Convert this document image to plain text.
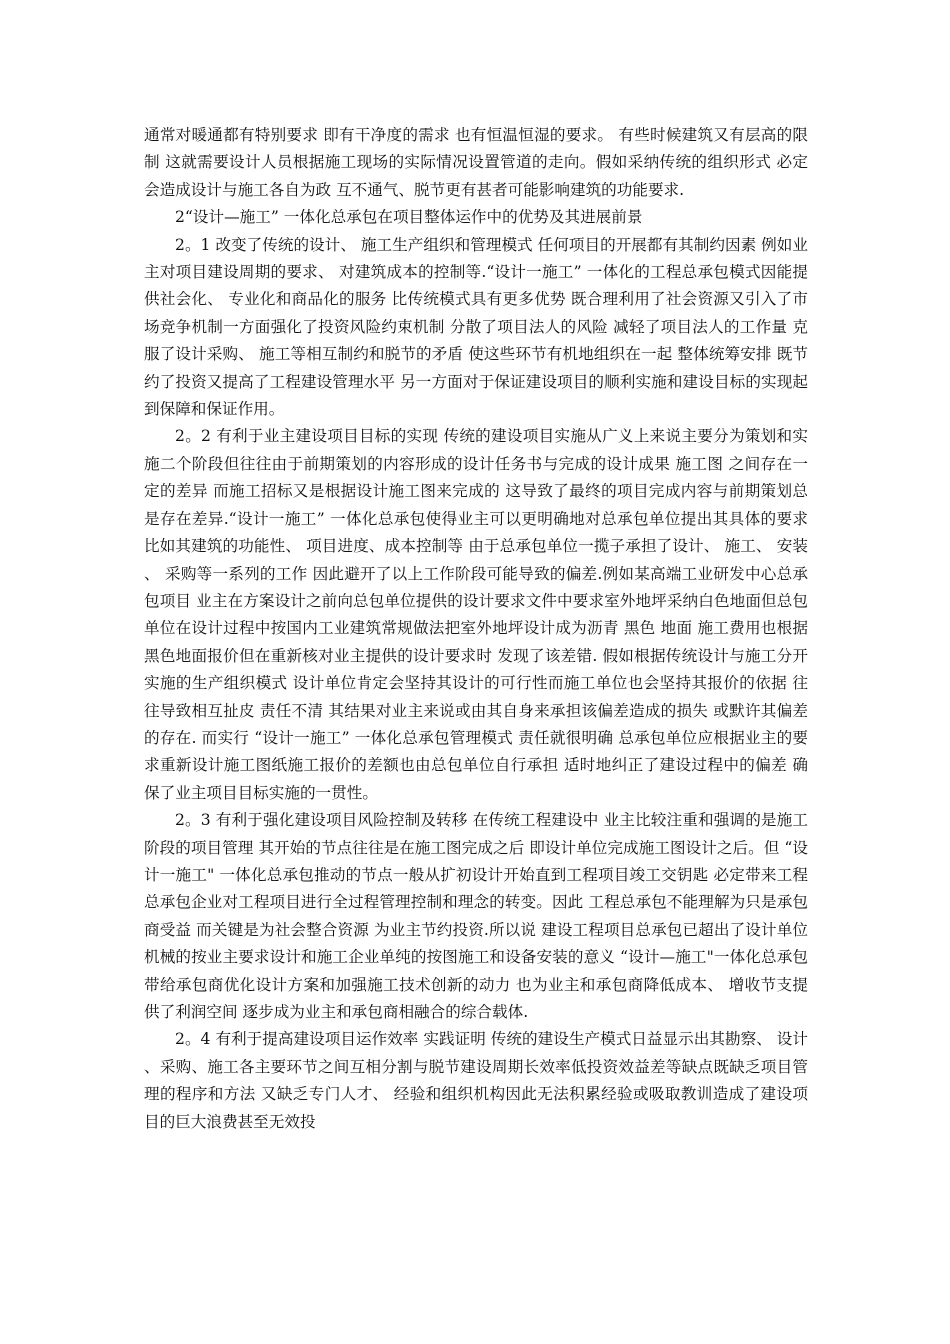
通常对暖通都有特别要求 即有干净度的需求 也有恒温恒湿的要求。 有些时候建筑又有层高的限制 这就需要设计人员根据施工现场的实际情况设置管道的走向。假如采纳传统的组织形式 必定会造成设计与施工各自为政 互不通气、脱节更有甚者可能影响建筑的功能要求.

2“设计—施工” 一体化总承包在项目整体运作中的优势及其进展前景

2。1 改变了传统的设计、 施工生产组织和管理模式 任何项目的开展都有其制约因素 例如业主对项目建设周期的要求、 对建筑成本的控制等.“设计一施工” 一体化的工程总承包模式因能提供社会化、 专业化和商品化的服务 比传统模式具有更多优势 既合理利用了社会资源又引入了市场竞争机制一方面强化了投资风险约束机制 分散了项目法人的风险 减轻了项目法人的工作量 克服了设计采购、 施工等相互制约和脱节的矛盾 使这些环节有机地组织在一起 整体统筹安排 既节约了投资又提高了工程建设管理水平 另一方面对于保证建设项目的顺利实施和建设目标的实现起到保障和保证作用。

2。2 有利于业主建设项目目标的实现 传统的建设项目实施从广义上来说主要分为策划和实施二个阶段但往往由于前期策划的内容形成的设计任务书与完成的设计成果 施工图 之间存在一定的差异 而施工招标又是根据设计施工图来完成的 这导致了最终的项目完成内容与前期策划总是存在差异.“设计一施工” 一体化总承包使得业主可以更明确地对总承包单位提出其具体的要求 比如其建筑的功能性、 项目进度、成本控制等 由于总承包单位一揽子承担了设计、 施工、 安装、 采购等一系列的工作 因此避开了以上工作阶段可能导致的偏差.例如某高端工业研发中心总承包项目 业主在方案设计之前向总包单位提供的设计要求文件中要求室外地坪采纳白色地面但总包单位在设计过程中按国内工业建筑常规做法把室外地坪设计成为沥青 黑色 地面 施工费用也根据黑色地面报价但在重新核对业主提供的设计要求时 发现了该差错. 假如根据传统设计与施工分开实施的生产组织模式 设计单位肯定会坚持其设计的可行性而施工单位也会坚持其报价的依据 往往导致相互扯皮 责任不清 其结果对业主来说或由其自身来承担该偏差造成的损失 或默许其偏差的存在. 而实行 “设计一施工” 一体化总承包管理模式 责任就很明确 总承包单位应根据业主的要求重新设计施工图纸施工报价的差额也由总包单位自行承担 适时地纠正了建设过程中的偏差 确保了业主项目目标实施的一贯性。

2。3 有利于强化建设项目风险控制及转移 在传统工程建设中 业主比较注重和强调的是施工阶段的项目管理 其开始的节点往往是在施工图完成之后 即设计单位完成施工图设计之后。但 “设计一施工" 一体化总承包推动的节点一般从扩初设计开始直到工程项目竣工交钥匙 必定带来工程总承包企业对工程项目进行全过程管理控制和理念的转变。因此 工程总承包不能理解为只是承包商受益 而关键是为社会整合资源 为业主节约投资.所以说 建设工程项目总承包已超出了设计单位机械的按业主要求设计和施工企业单纯的按图施工和设备安装的意义 “设计—施工"一体化总承包带给承包商优化设计方案和加强施工技术创新的动力 也为业主和承包商降低成本、 增收节支提供了利润空间 逐步成为业主和承包商相融合的综合载体.

2。4 有利于提高建设项目运作效率 实践证明 传统的建设生产模式日益显示出其勘察、 设计、采购、施工各主要环节之间互相分割与脱节建设周期长效率低投资效益差等缺点既缺乏项目管理的程序和方法 又缺乏专门人才、 经验和组织机构因此无法积累经验或吸取教训造成了建设项目的巨大浪费甚至无效投
